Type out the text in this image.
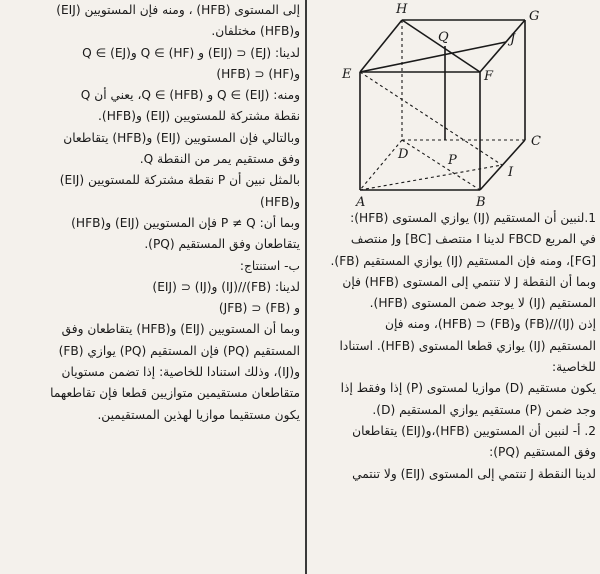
إلى المستوى (HFB) ، ومنه فإن المستويين (EIJ)

و(HFB) مختلفان.

لدينا: (EJ) ⊂ (EIJ) و Q ∈ (HF) وQ ∈ (EJ)

و(HF) ⊂ (HFB)

ومنه: Q ∈ (EIJ) و Q ∈ (HFB)، يعني أن Q

نقطة مشتركة للمستويين (EIJ) و(HFB).

وبالتالي فإن المستويين (EIJ) و(HFB) يتقاطعان

وفق مستقيم يمر من النقطة Q.

بالمثل نبين أن P نقطة مشتركة للمستويين (EIJ)

و(HFB)

وبما أن: P ≠ Q فإن المستويين (EIJ) و(HFB)

يتقاطعان وفق المستقيم (PQ).

ب- استنتاج:

لدينا: (FB)//(IJ) و(IJ) ⊂ (EIJ)

و (FB) ⊂ (JFB)

وبما أن المستويين (EIJ) و(HFB) يتقاطعان وفق

المستقيم (PQ) فإن المستقيم (PQ) يوازي (FB)

و(IJ)، وذلك استنادا للخاصية: إذا تضمن مستويان

متقاطعان مستقيمين متوازيين قطعا فإن تقاطعهما

يكون مستقيما موازيا لهذين المستقيمين.

H	G
Q	J
E	F
D	P
C
I
B
A

1.لنبين أن المستقيم (IJ) يوازي المستوى (HFB):

في المربع FBCD لدينا I منتصف [BC] وJ منتصف

[FG]، ومنه فإن المستقيم (IJ) يوازي المستقيم (FB).

وبما أن النقطة J لا تنتمي إلى المستوى (HFB) فإن

المستقيم (IJ) لا يوجد ضمن المستوى (HFB).

إذن (IJ)//(FB) و(FB) ⊂ (HFB)، ومنه فإن

المستقيم (IJ) يوازي قطعا المستوى (HFB). استنادا

للخاصية:

يكون مستقيم (D) موازيا لمستوى (P) إذا وفقط إذا

وجد ضمن (P) مستقيم يوازي المستقيم (D).

2. أ- لنبين أن المستويين (HFB)،و(EIJ) يتقاطعان

وفق المستقيم (PQ):

لدينا النقطة J تنتمي إلى المستوى (EIJ) ولا تنتمي
